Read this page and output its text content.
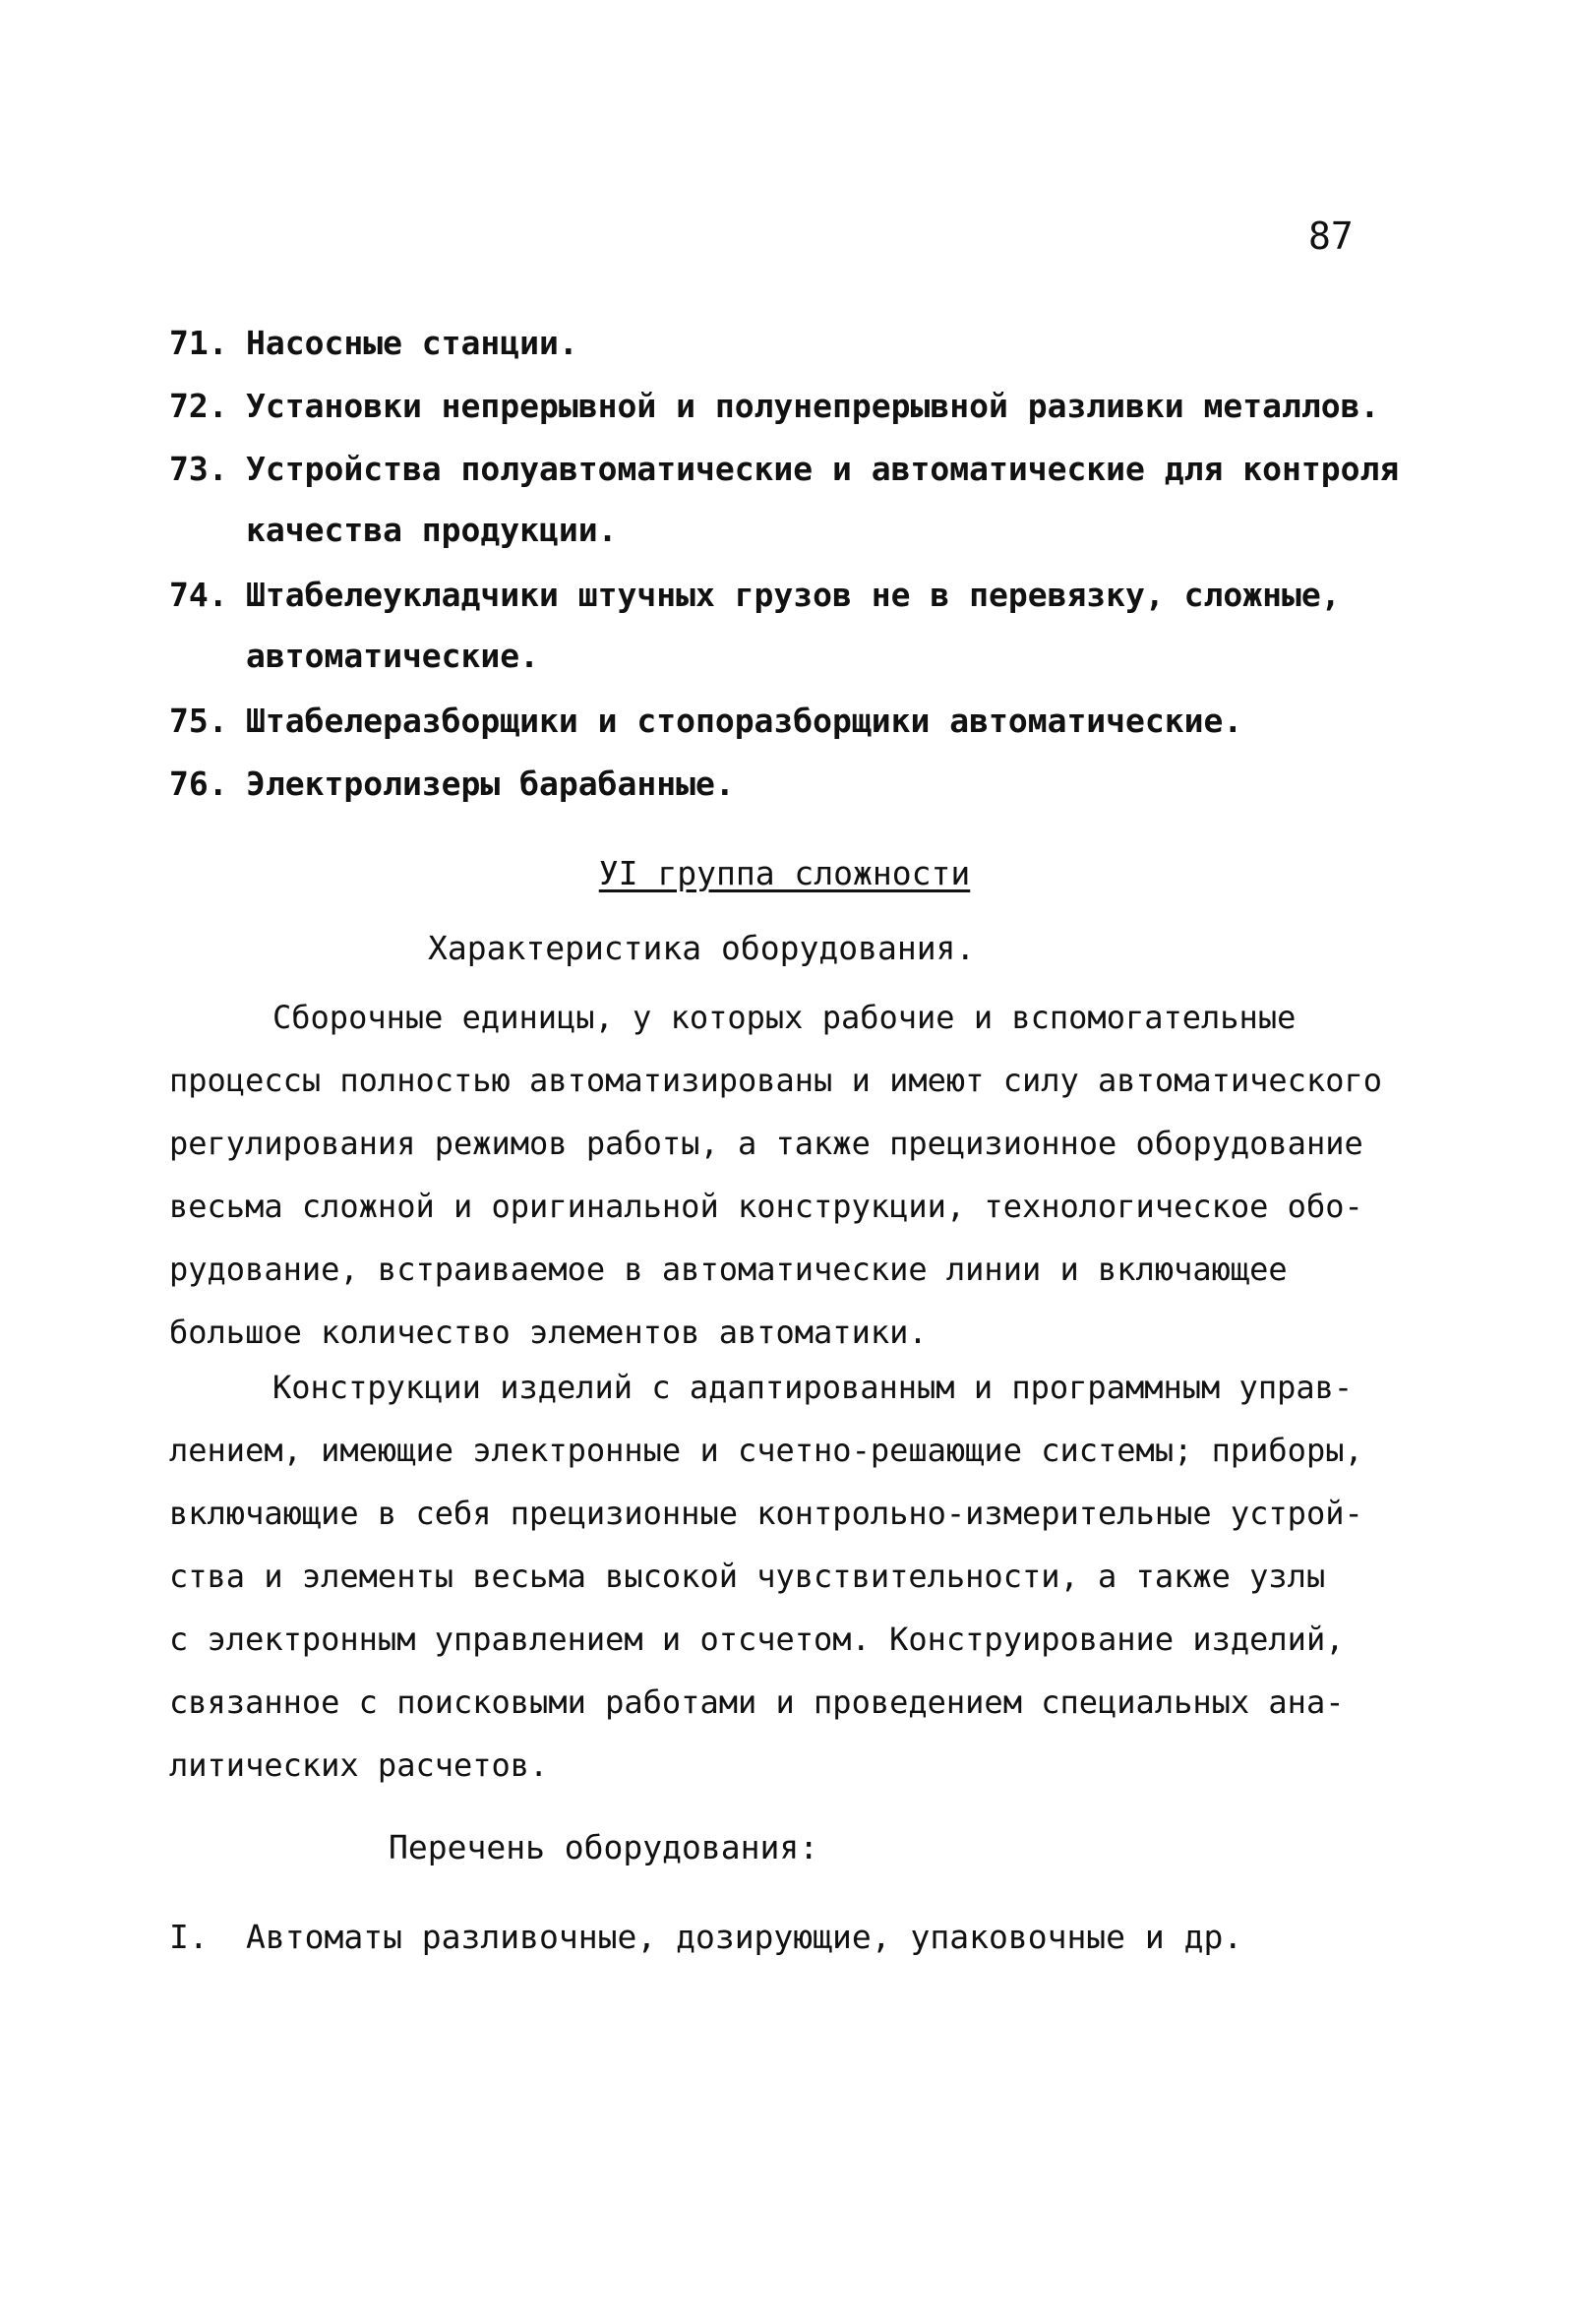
87
71. Насосные станции.
72. Установки непрерывной и полунепрерывной разливки металлов.
73. Устройства полуавтоматические и автоматические для контроля
качества продукции.
74. Штабелеукладчики штучных грузов не в перевязку, сложные,
автоматические.
75. Штабелеразборщики и стопоразборщики автоматические.
76. Электролизеры барабанные.
УI группа сложности
Характеристика оборудования.
Сборочные единицы, у которых рабочие и вспомогательные
процессы полностью автоматизированы и имеют силу автоматического
регулирования режимов работы, а также прецизионное оборудование
весьма сложной и оригинальной конструкции, технологическое обо-
рудование, встраиваемое в автоматические линии и включающее
большое количество элементов автоматики.
Конструкции изделий с адаптированным и программным управ-
лением, имеющие электронные и счетно-решающие системы; приборы,
включающие в себя прецизионные контрольно-измерительные устрой-
ства и элементы весьма высокой чувствительности, а также узлы
с электронным управлением и отсчетом. Конструирование изделий,
связанное с поисковыми работами и проведением специальных ана-
литических расчетов.
Перечень оборудования:
I. Автоматы разливочные, дозирующие, упаковочные и др.
